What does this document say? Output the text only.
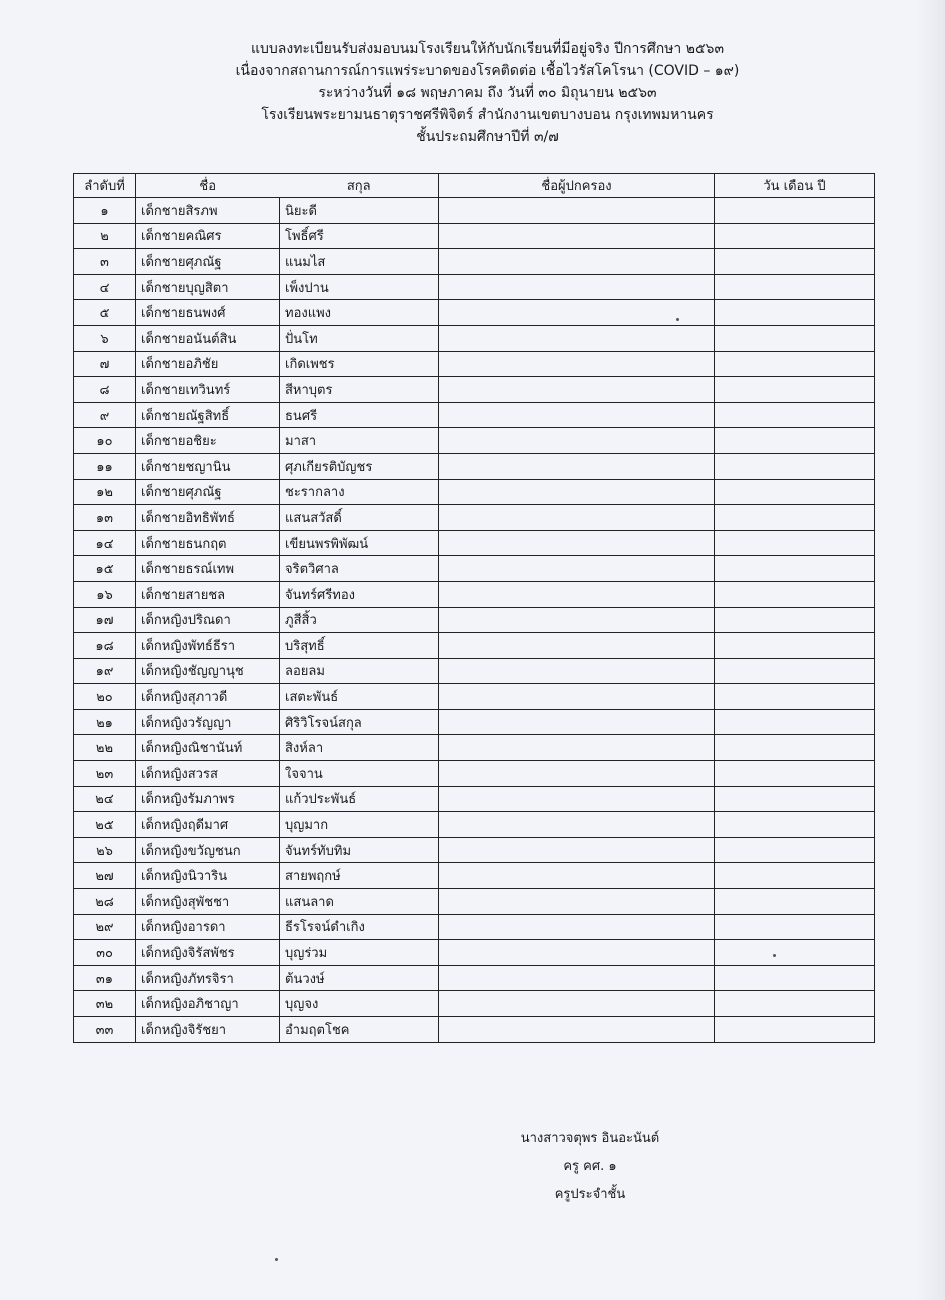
แบบลงทะเบียนรับส่งมอบนมโรงเรียนให้กับนักเรียนที่มีอยู่จริง ปีการศึกษา ๒๕๖๓
เนื่องจากสถานการณ์การแพร่ระบาดของโรคติดต่อ เชื้อไวรัสโคโรนา (COVID – ๑๙)
ระหว่างวันที่ ๑๘ พฤษภาคม ถึง วันที่ ๓๐ มิถุนายน ๒๕๖๓
โรงเรียนพระยามนธาตุราชศรีพิจิตร์ สำนักงานเขตบางบอน กรุงเทพมหานคร
ชั้นประถมศึกษาปีที่ ๓/๗
ลำดับที่	ชื่อ	สกุล	ชื่อผู้ปกครอง	วัน เดือน ปี
๑	เด็กชายสิรภพ	นิยะดี		
๒	เด็กชายคณิศร	โพธิ์ศรี		
๓	เด็กชายศุภณัฐ	แนมไส		
๔	เด็กชายบุญสิตา	เพ็งปาน		
๕	เด็กชายธนพงศ์	ทองแพง		
๖	เด็กชายอนันต์สิน	ปั่นโท		
๗	เด็กชายอภิชัย	เกิดเพชร		
๘	เด็กชายเทวินทร์	สีหาบุตร		
๙	เด็กชายณัฐสิทธิ์	ธนศรี		
๑๐	เด็กชายอชิยะ	มาสา		
๑๑	เด็กชายชญานิน	ศุภเกียรติบัญชร		
๑๒	เด็กชายศุภณัฐ	ชะรากลาง		
๑๓	เด็กชายอิทธิพัทธ์	แสนสวัสดิ์		
๑๔	เด็กชายธนกฤต	เขียนพรพิพัฒน์		
๑๕	เด็กชายธรณ์เทพ	จริตวิศาล		
๑๖	เด็กชายสายชล	จันทร์ศรีทอง		
๑๗	เด็กหญิงปริณดา	ภูสีสิ้ว		
๑๘	เด็กหญิงพัทธ์ธีรา	บริสุทธิ์		
๑๙	เด็กหญิงชัญญานุช	ลอยลม		
๒๐	เด็กหญิงสุภาวดี	เสตะพันธ์		
๒๑	เด็กหญิงวรัญญา	ศิริวิโรจน์สกุล		
๒๒	เด็กหญิงณิชานันท์	สิงห์ลา		
๒๓	เด็กหญิงสวรส	ใจจาน		
๒๔	เด็กหญิงรัมภาพร	แก้วประพันธ์		
๒๕	เด็กหญิงฤดีมาศ	บุญมาก		
๒๖	เด็กหญิงขวัญชนก	จันทร์ทับทิม		
๒๗	เด็กหญิงนิวาริน	สายพฤกษ์		
๒๘	เด็กหญิงสุพัชชา	แสนลาด		
๒๙	เด็กหญิงอารดา	ธีรโรจน์ดำเกิง		
๓๐	เด็กหญิงจิรัสพัชร	บุญร่วม		
๓๑	เด็กหญิงภัทรจิรา	ต้นวงษ์		
๓๒	เด็กหญิงอภิชาญา	บุญจง		
๓๓	เด็กหญิงจิรัชยา	อำมฤตโชค		
นางสาวจตุพร อินอะนันต์
ครู คศ. ๑
ครูประจำชั้น
